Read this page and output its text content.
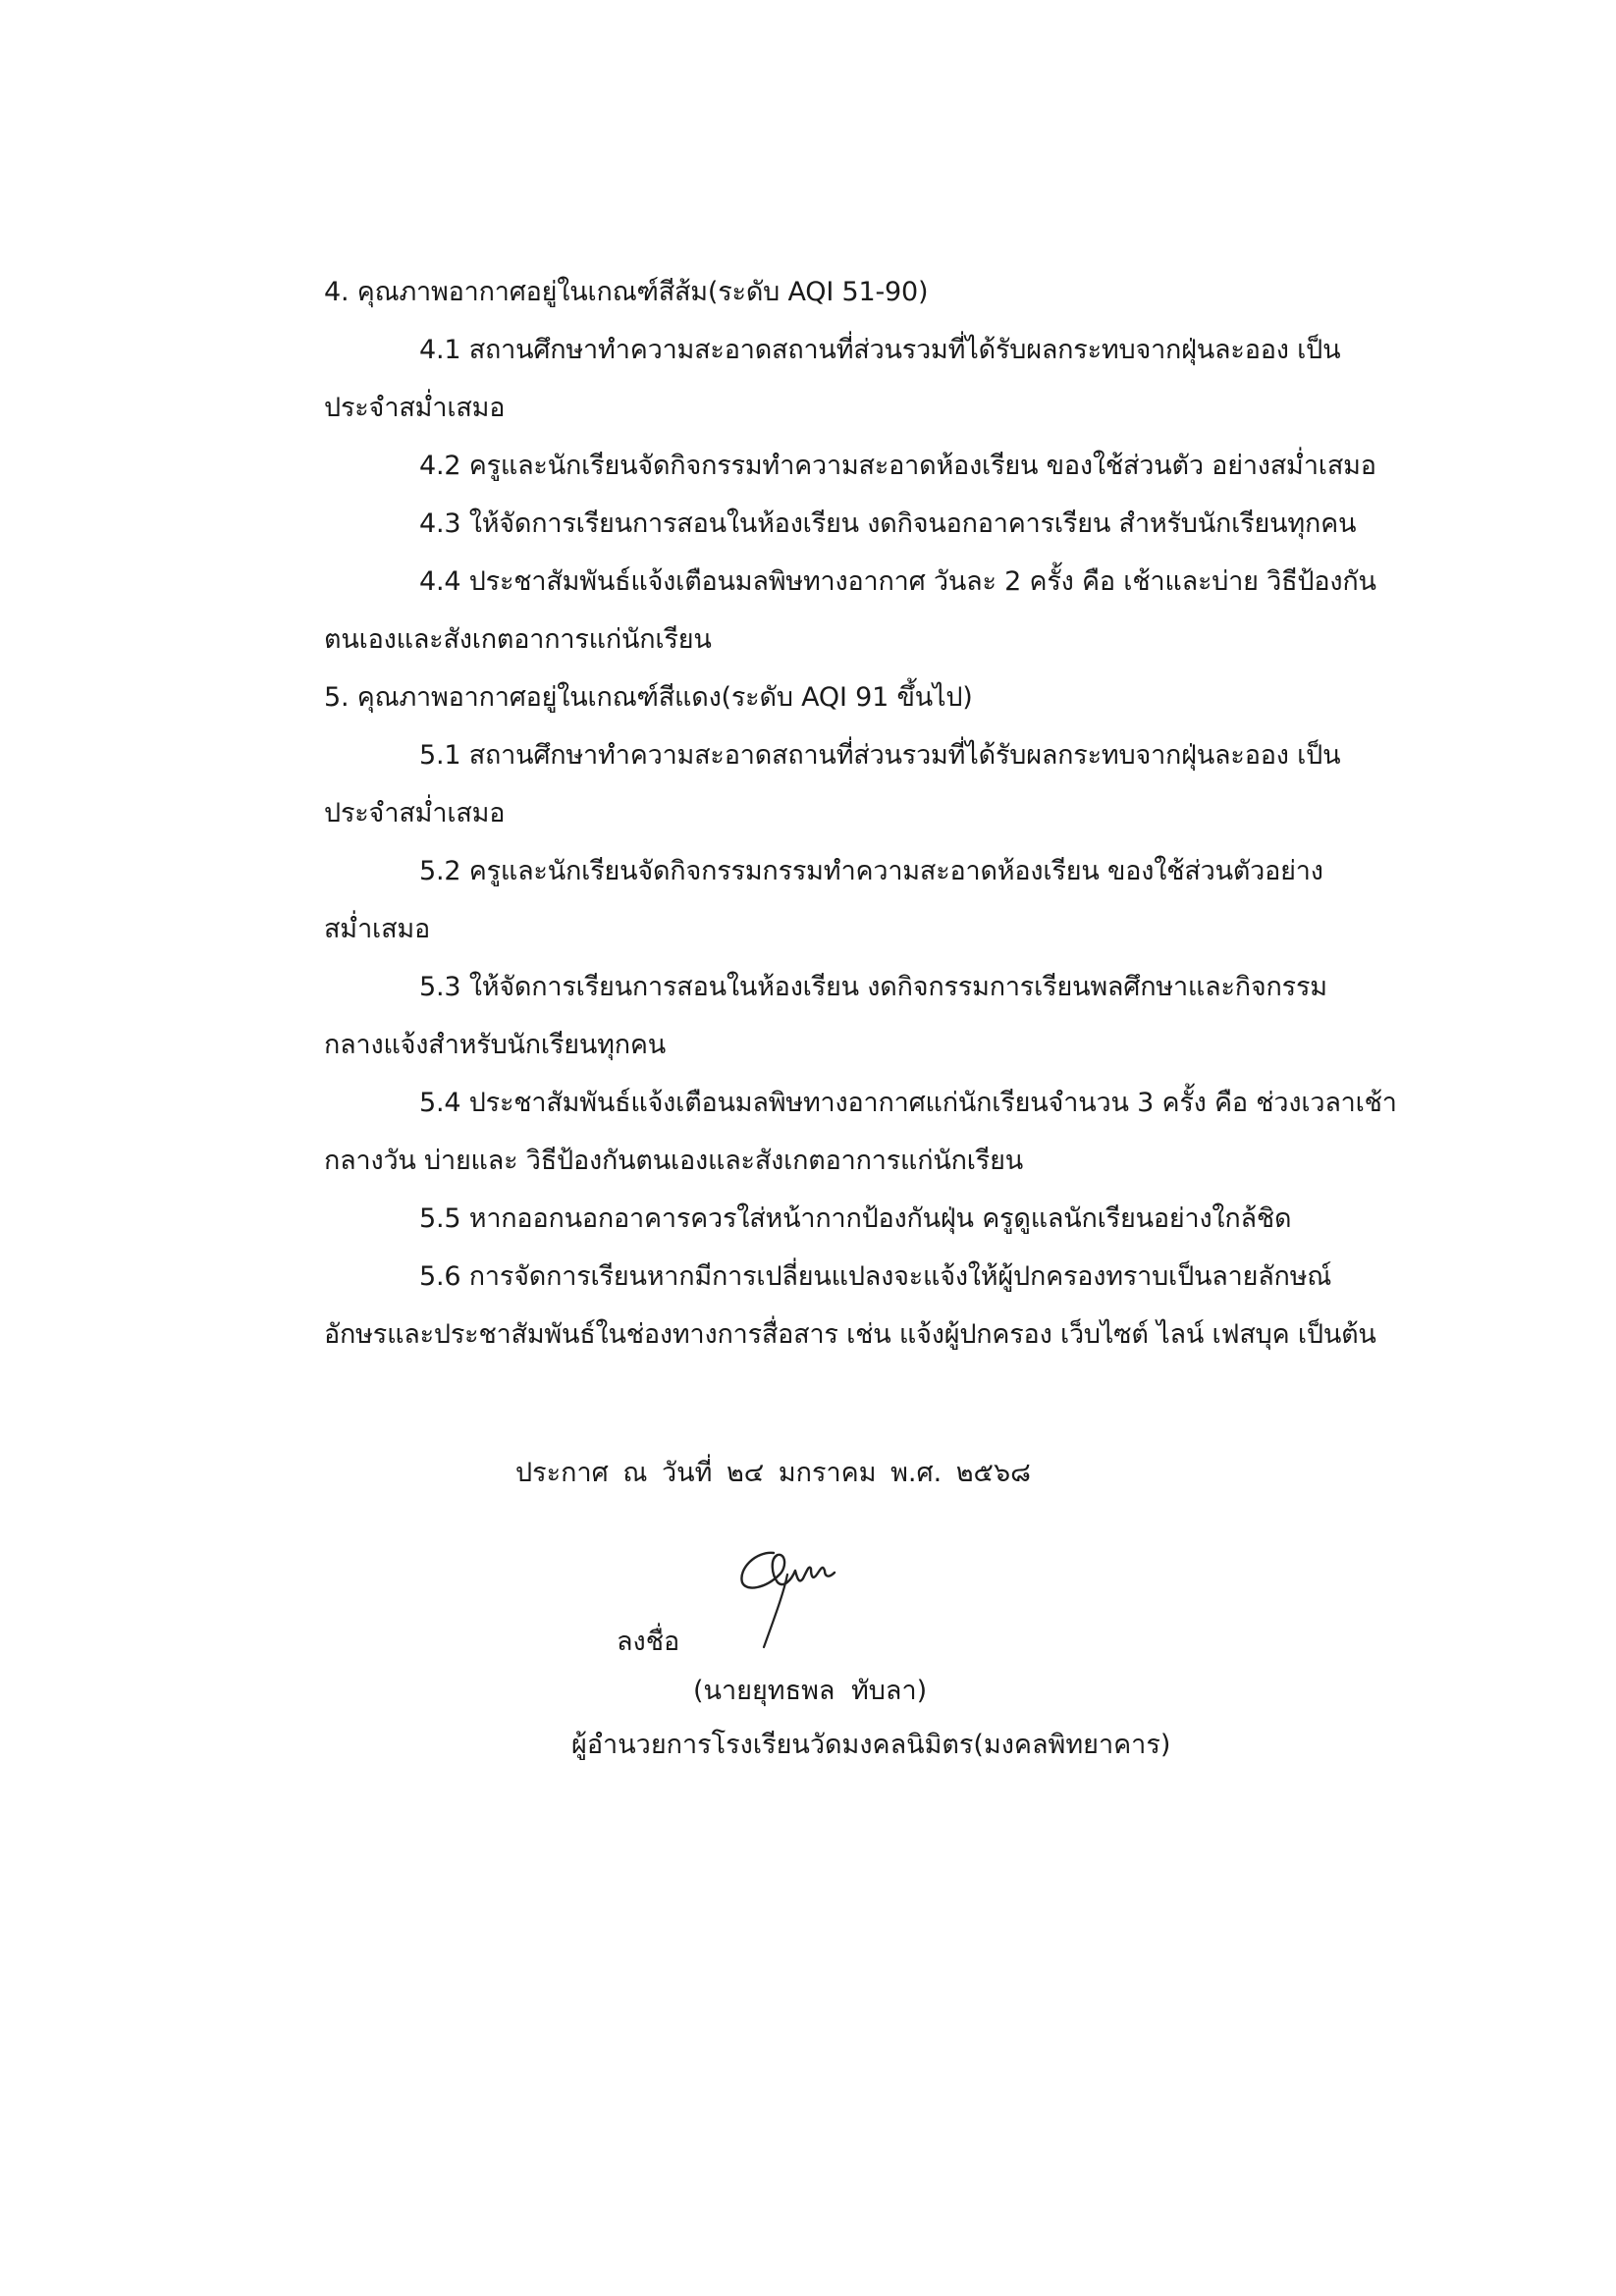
4. คุณภาพอากาศอยู่ในเกณฑ์สีส้ม(ระดับ AQI 51-90)

4.1 สถานศึกษาทำความสะอาดสถานที่ส่วนรวมที่ได้รับผลกระทบจากฝุ่นละออง เป็น
ประจำสม่ำเสมอ

4.2 ครูและนักเรียนจัดกิจกรรมทำความสะอาดห้องเรียน ของใช้ส่วนตัว อย่างสม่ำเสมอ

4.3 ให้จัดการเรียนการสอนในห้องเรียน งดกิจนอกอาคารเรียน สำหรับนักเรียนทุกคน

4.4 ประชาสัมพันธ์แจ้งเตือนมลพิษทางอากาศ วันละ 2 ครั้ง คือ เช้าและบ่าย วิธีป้องกัน
ตนเองและสังเกตอาการแก่นักเรียน

5. คุณภาพอากาศอยู่ในเกณฑ์สีแดง(ระดับ AQI 91 ขึ้นไป)

5.1 สถานศึกษาทำความสะอาดสถานที่ส่วนรวมที่ได้รับผลกระทบจากฝุ่นละออง เป็น
ประจำสม่ำเสมอ

5.2 ครูและนักเรียนจัดกิจกรรมกรรมทำความสะอาดห้องเรียน ของใช้ส่วนตัวอย่าง
สม่ำเสมอ

5.3 ให้จัดการเรียนการสอนในห้องเรียน งดกิจกรรมการเรียนพลศึกษาและกิจกรรม
กลางแจ้งสำหรับนักเรียนทุกคน

5.4 ประชาสัมพันธ์แจ้งเตือนมลพิษทางอากาศแก่นักเรียนจำนวน 3 ครั้ง คือ ช่วงเวลาเช้า
กลางวัน บ่ายและ วิธีป้องกันตนเองและสังเกตอาการแก่นักเรียน

5.5 หากออกนอกอาคารควรใส่หน้ากากป้องกันฝุ่น ครูดูแลนักเรียนอย่างใกล้ชิด

5.6 การจัดการเรียนหากมีการเปลี่ยนแปลงจะแจ้งให้ผู้ปกครองทราบเป็นลายลักษณ์
อักษรและประชาสัมพันธ์ในช่องทางการสื่อสาร เช่น แจ้งผู้ปกครอง เว็บไซต์ ไลน์ เฟสบุค เป็นต้น

ประกาศ ณ วันที่ ๒๔ มกราคม พ.ศ. ๒๕๖๘
ลงชื่อ
(นายยุทธพล ทับลา)
ผู้อำนวยการโรงเรียนวัดมงคลนิมิตร(มงคลพิทยาคาร)
